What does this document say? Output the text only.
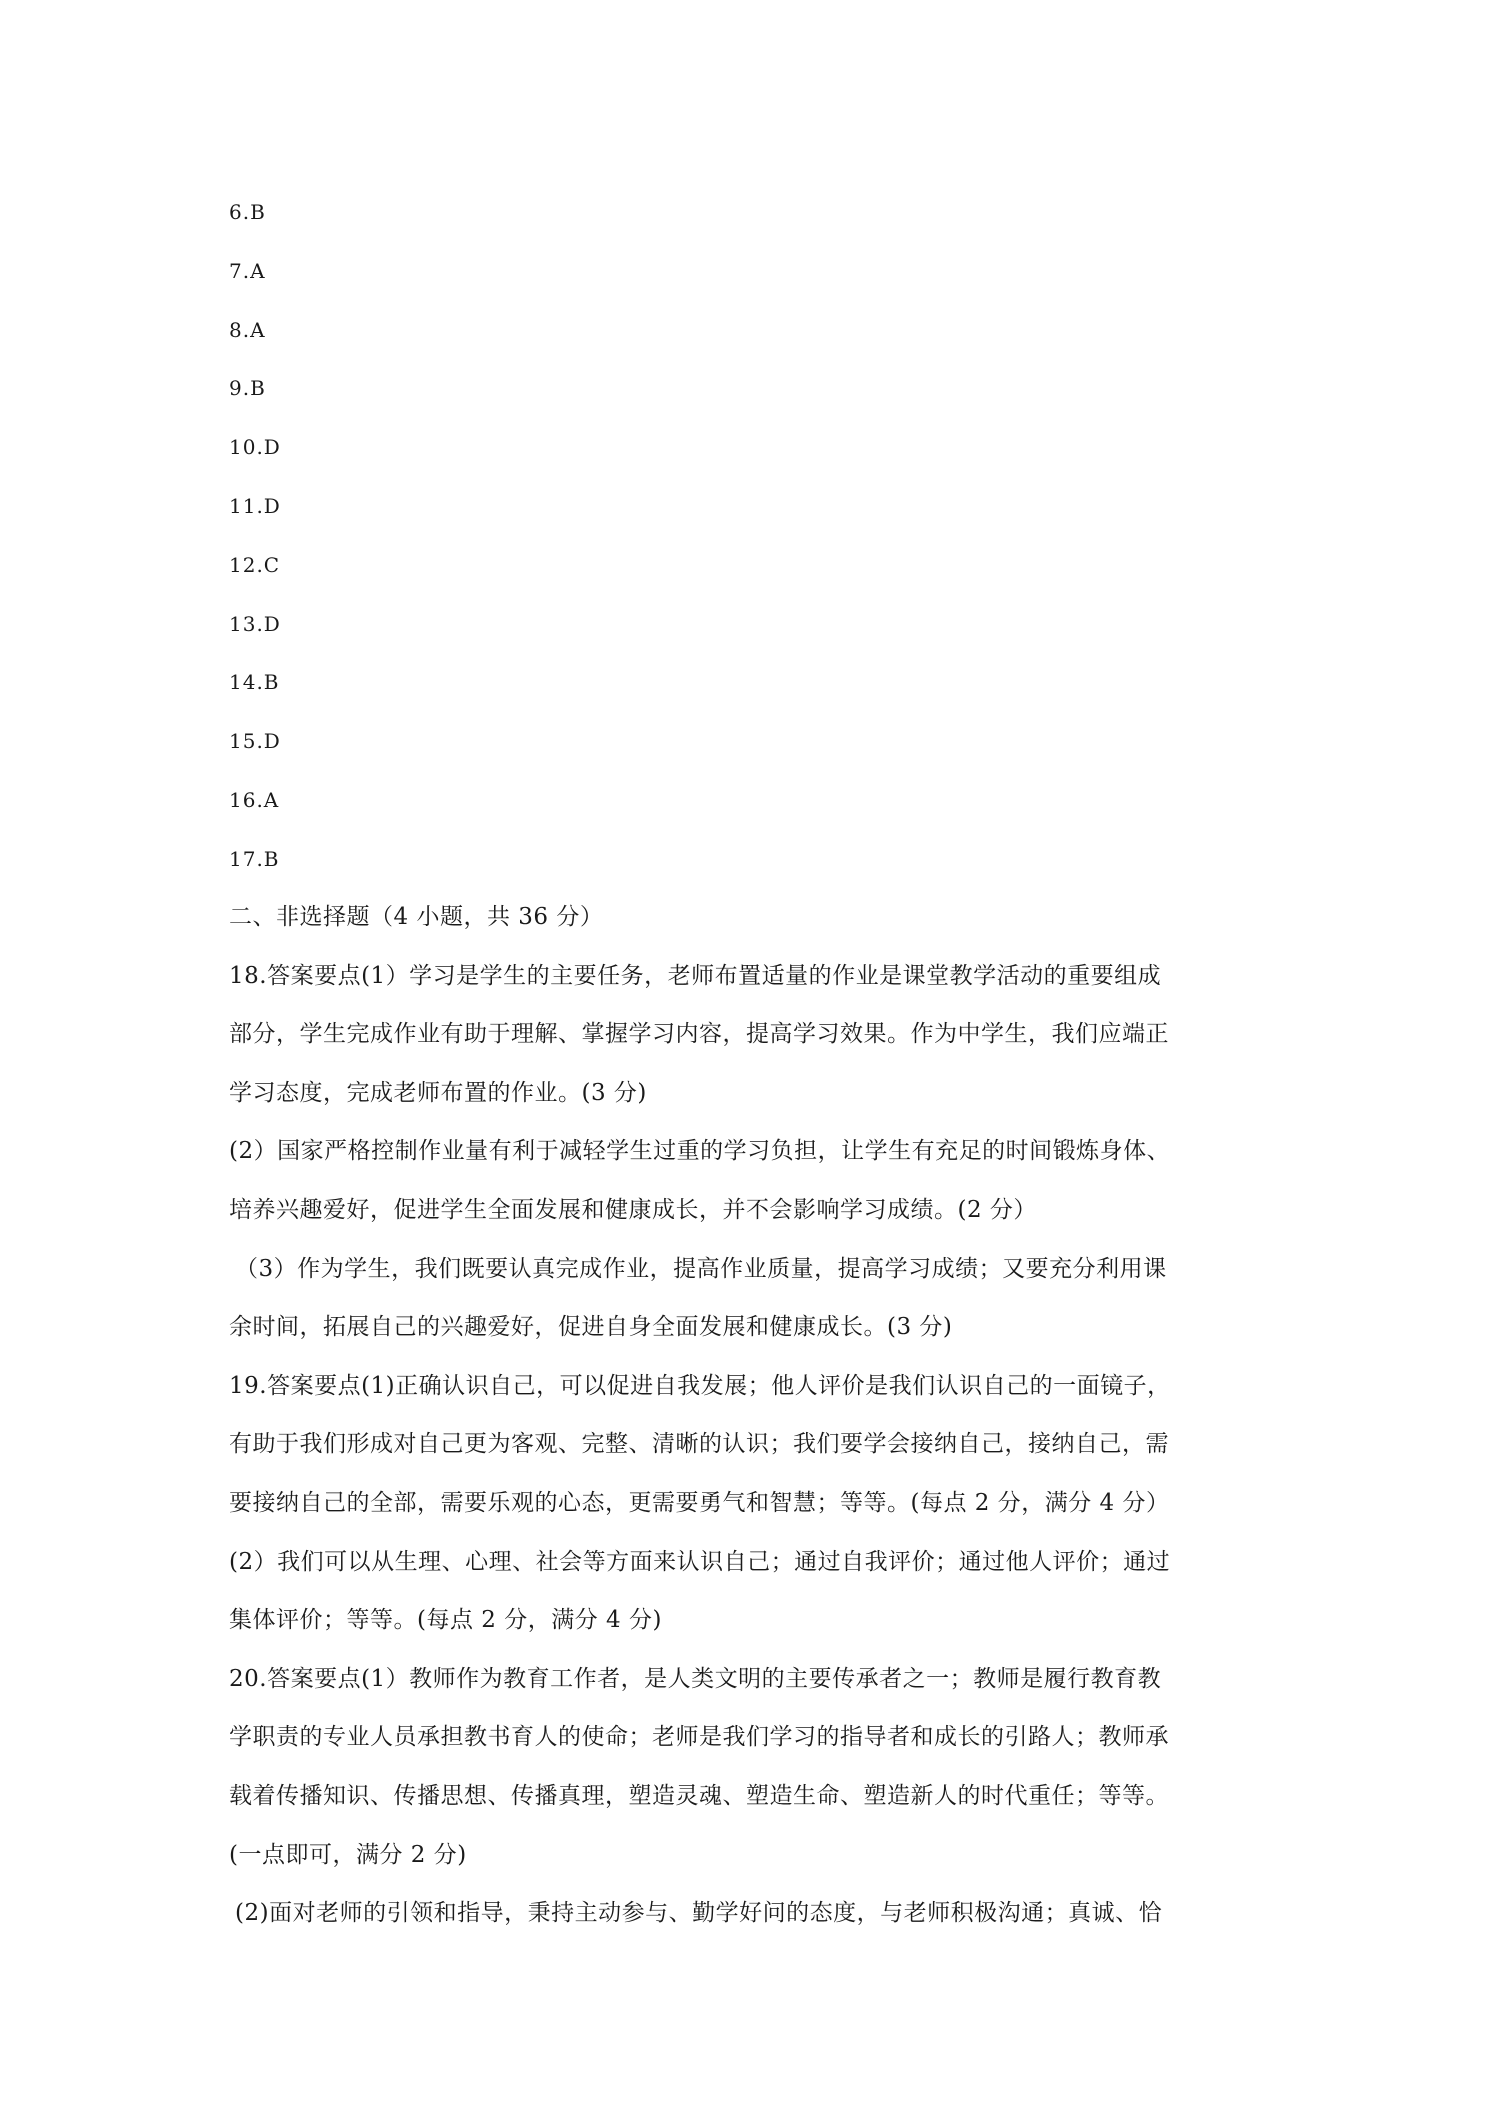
6.B
7.A
8.A
9.B
10.D
11.D
12.C
13.D
14.B
15.D
16.A
17.B
二、非选择题（4 小题，共 36 分）
18.答案要点(1）学习是学生的主要任务，老师布置适量的作业是课堂教学活动的重要组成
部分，学生完成作业有助于理解、掌握学习内容，提高学习效果。作为中学生，我们应端正
学习态度，完成老师布置的作业。(3 分)
(2）国家严格控制作业量有利于减轻学生过重的学习负担，让学生有充足的时间锻炼身体、
培养兴趣爱好，促进学生全面发展和健康成长，并不会影响学习成绩。(2 分）
（3）作为学生，我们既要认真完成作业，提高作业质量，提高学习成绩；又要充分利用课
余时间，拓展自己的兴趣爱好，促进自身全面发展和健康成长。(3 分)
19.答案要点(1)正确认识自己，可以促进自我发展；他人评价是我们认识自己的一面镜子，
有助于我们形成对自己更为客观、完整、清晰的认识；我们要学会接纳自己，接纳自己，需
要接纳自己的全部，需要乐观的心态，更需要勇气和智慧；等等。(每点 2 分，满分 4 分）
(2）我们可以从生理、心理、社会等方面来认识自己；通过自我评价；通过他人评价；通过
集体评价；等等。(每点 2 分，满分 4 分)
20.答案要点(1）教师作为教育工作者，是人类文明的主要传承者之一；教师是履行教育教
学职责的专业人员承担教书育人的使命；老师是我们学习的指导者和成长的引路人；教师承
载着传播知识、传播思想、传播真理，塑造灵魂、塑造生命、塑造新人的时代重任；等等。
(一点即可，满分 2 分)
(2)面对老师的引领和指导，秉持主动参与、勤学好问的态度，与老师积极沟通；真诚、恰
